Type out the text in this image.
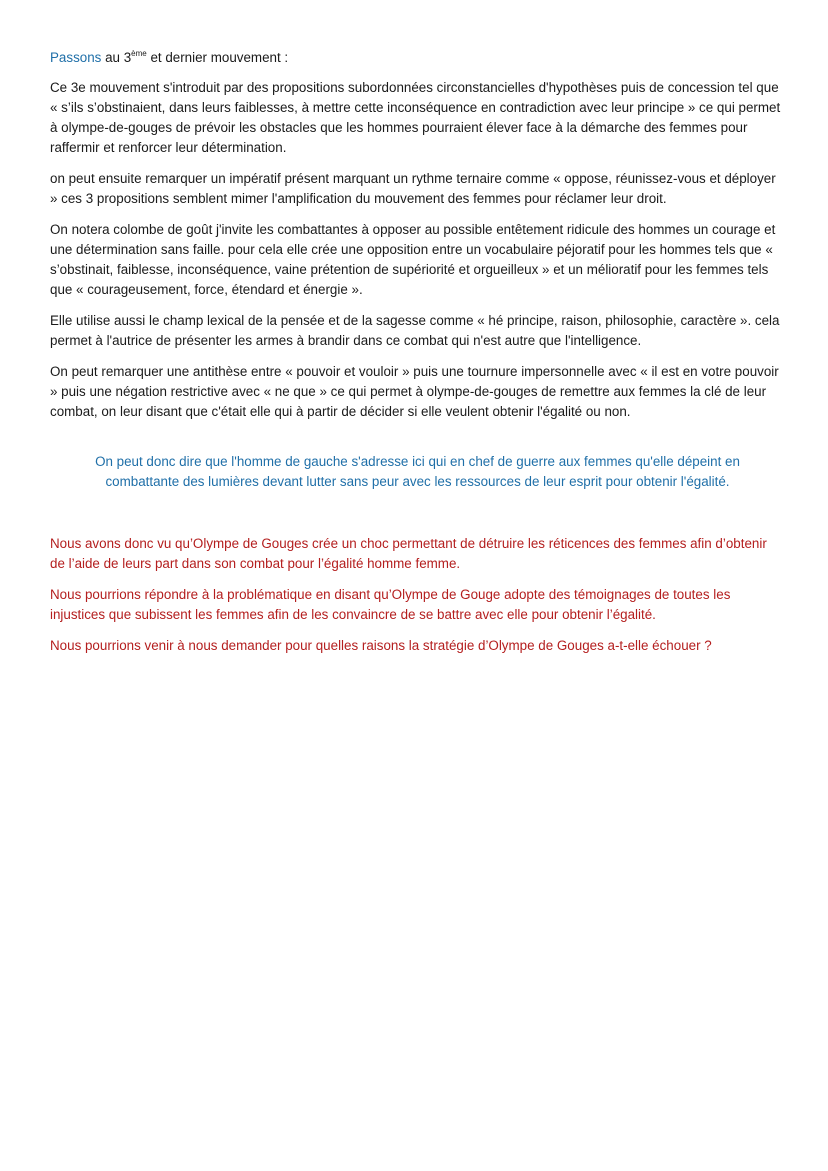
Passons au 3ème et dernier mouvement :

Ce 3e mouvement s'introduit par des propositions subordonnées circonstancielles d'hypothèses puis de concession tel que « s’ils s’obstinaient, dans leurs faiblesses, à mettre cette inconséquence en contradiction avec leur principe » ce qui permet à olympe-de-gouges de prévoir les obstacles que les hommes pourraient élever face à la démarche des femmes pour raffermir et renforcer leur détermination.

on peut ensuite remarquer un impératif présent marquant un rythme ternaire comme « oppose, réunissez-vous et déployer » ces 3 propositions semblent mimer l'amplification du mouvement des femmes pour réclamer leur droit.

On notera colombe de goût j'invite les combattantes à opposer au possible entêtement ridicule des hommes un courage et une détermination sans faille. pour cela elle crée une opposition entre un vocabulaire péjoratif pour les hommes tels que « s’obstinait, faiblesse, inconséquence, vaine prétention de supériorité et orgueilleux » et un mélioratif pour les femmes tels que « courageusement, force, étendard et énergie ».

Elle utilise aussi le champ lexical de la pensée et de la sagesse comme « hé principe, raison, philosophie, caractère ». cela permet à l'autrice de présenter les armes à brandir dans ce combat qui n'est autre que l'intelligence.

On peut remarquer une antithèse entre « pouvoir et vouloir » puis une tournure impersonnelle avec « il est en votre pouvoir » puis une négation restrictive avec « ne que » ce qui permet à olympe-de-gouges de remettre aux femmes la clé de leur combat, on leur disant que c'était elle qui à partir de décider si elle veulent obtenir l'égalité ou non.

On peut donc dire que l'homme de gauche s'adresse ici qui en chef de guerre aux femmes qu'elle dépeint en combattante des lumières devant lutter sans peur avec les ressources de leur esprit pour obtenir l'égalité.

Nous avons donc vu qu’Olympe de Gouges crée un choc permettant de détruire les réticences des femmes afin d’obtenir de l’aide de leurs part dans son combat pour l’égalité homme femme.

Nous pourrions répondre à la problématique en disant qu’Olympe de Gouge adopte des témoignages de toutes les injustices que subissent les femmes afin de les convaincre de se battre avec elle pour obtenir l’égalité.

Nous pourrions venir à nous demander pour quelles raisons la stratégie d’Olympe de Gouges a-t-elle échouer ?
